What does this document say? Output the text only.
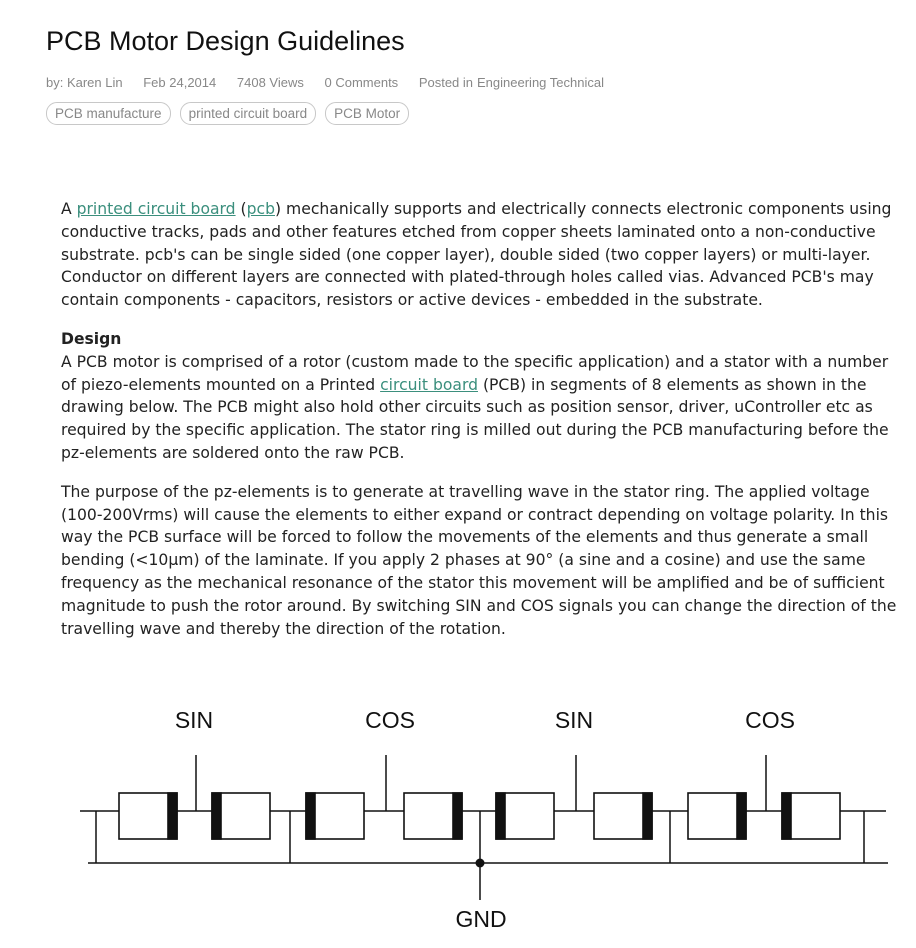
PCB Motor Design Guidelines
by: Karen Lin Feb 24,2014 7408 Views 0 Comments Posted in Engineering Technical
PCB manufacture	printed circuit board	PCB Motor

A printed circuit board (pcb) mechanically supports and electrically connects electronic components using conductive tracks, pads and other features etched from copper sheets laminated onto a non-conductive substrate. pcb's can be single sided (one copper layer), double sided (two copper layers) or multi-layer. Conductor on different layers are connected with plated-through holes called vias. Advanced PCB's may contain components - capacitors, resistors or active devices - embedded in the substrate.

Design
A PCB motor is comprised of a rotor (custom made to the specific application) and a stator with a number of piezo-elements mounted on a Printed circuit board (PCB) in segments of 8 elements as shown in the drawing below. The PCB might also hold other circuits such as position sensor, driver, uController etc as required by the specific application. The stator ring is milled out during the PCB manufacturing before the pz-elements are soldered onto the raw PCB.

The purpose of the pz-elements is to generate at travelling wave in the stator ring. The applied voltage (100-200Vrms) will cause the elements to either expand or contract depending on voltage polarity. In this way the PCB surface will be forced to follow the movements of the elements and thus generate a small bending (<10µm) of the laminate. If you apply 2 phases at 90° (a sine and a cosine) and use the same frequency as the mechanical resonance of the stator this movement will be amplified and be of sufficient magnitude to push the rotor around. By switching SIN and COS signals you can change the direction of the travelling wave and thereby the direction of the rotation.

SIN	COS	SIN	COS
GND
